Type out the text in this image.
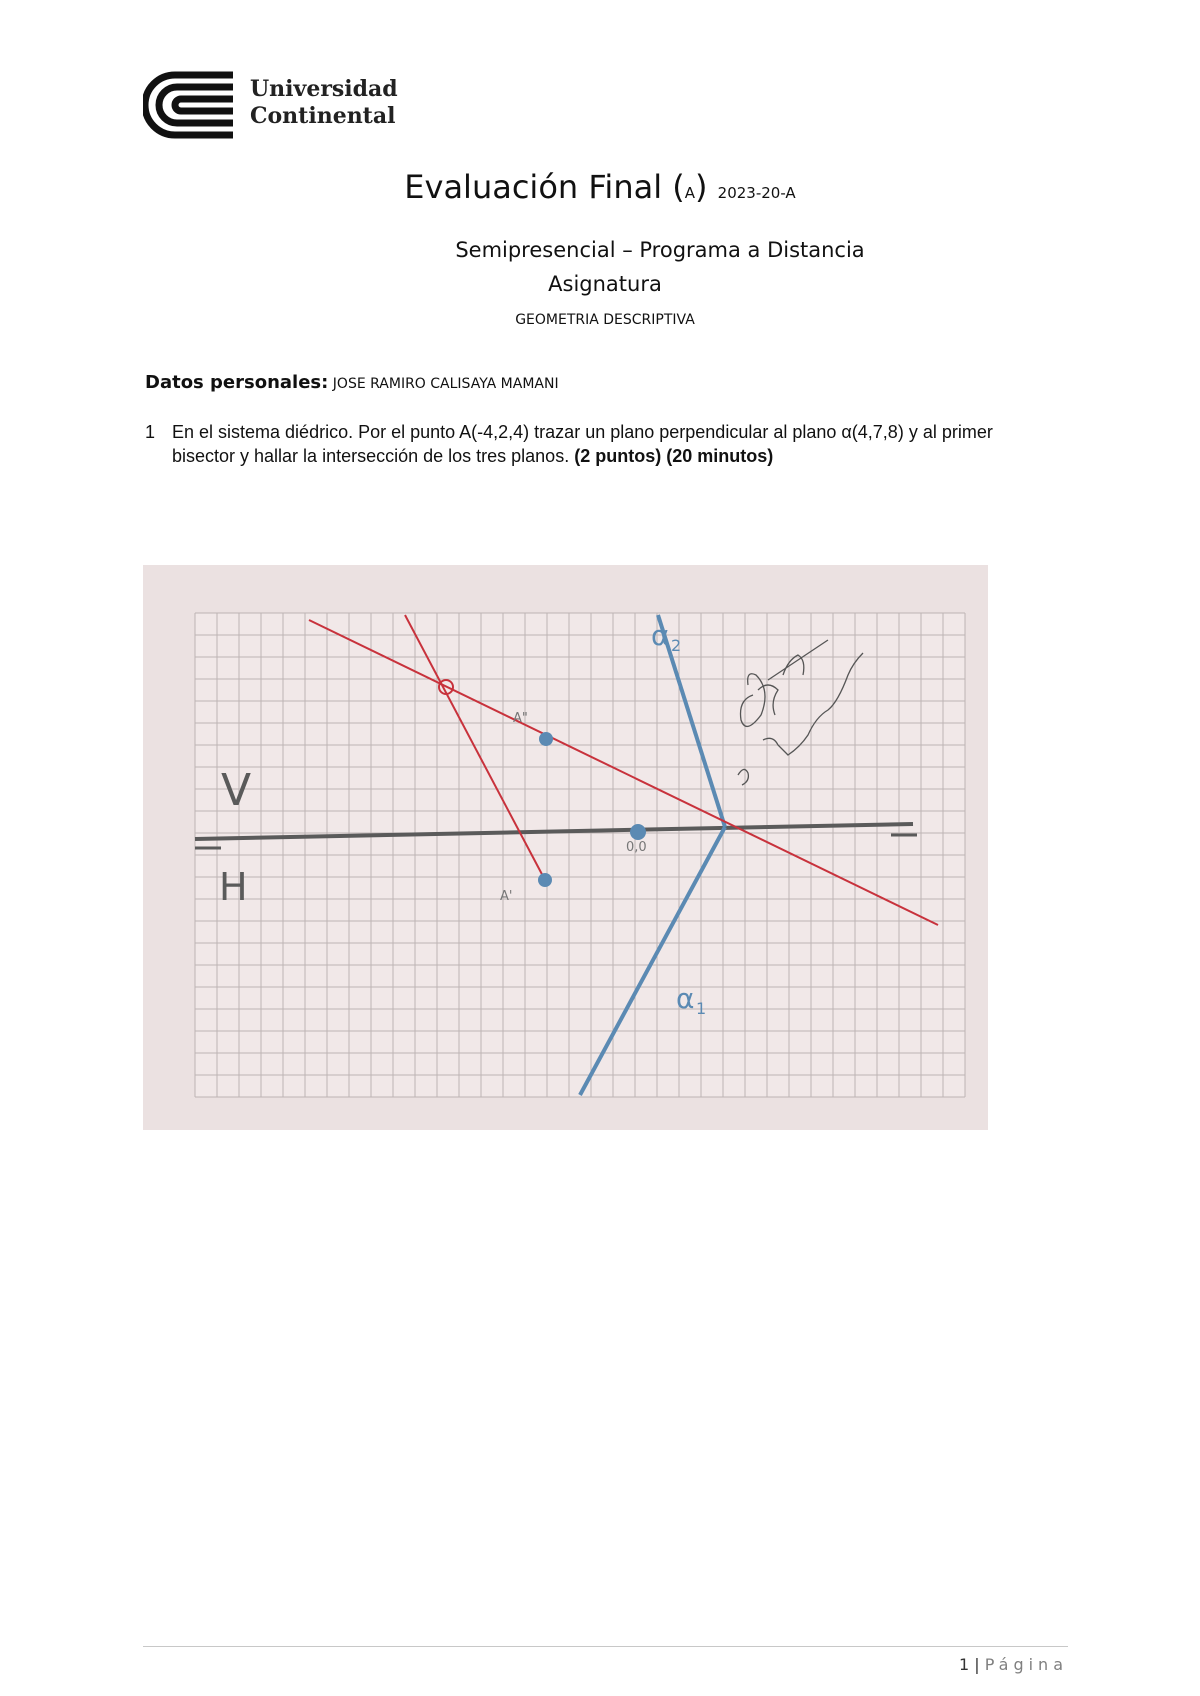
Universidad
Continental
Evaluación Final (A) 2023-20-A
Semipresencial – Programa a Distancia
Asignatura
GEOMETRIA DESCRIPTIVA
Datos personales: JOSE RAMIRO CALISAYA MAMANI
1 En el sistema diédrico. Por el punto A(-4,2,4) trazar un plano perpendicular al plano α(4,7,8) y al primer bisector y hallar la intersección de los tres planos. (2 puntos) (20 minutos)
V
H
α 2
α 1
A"
A'
0,0
1 | Página
